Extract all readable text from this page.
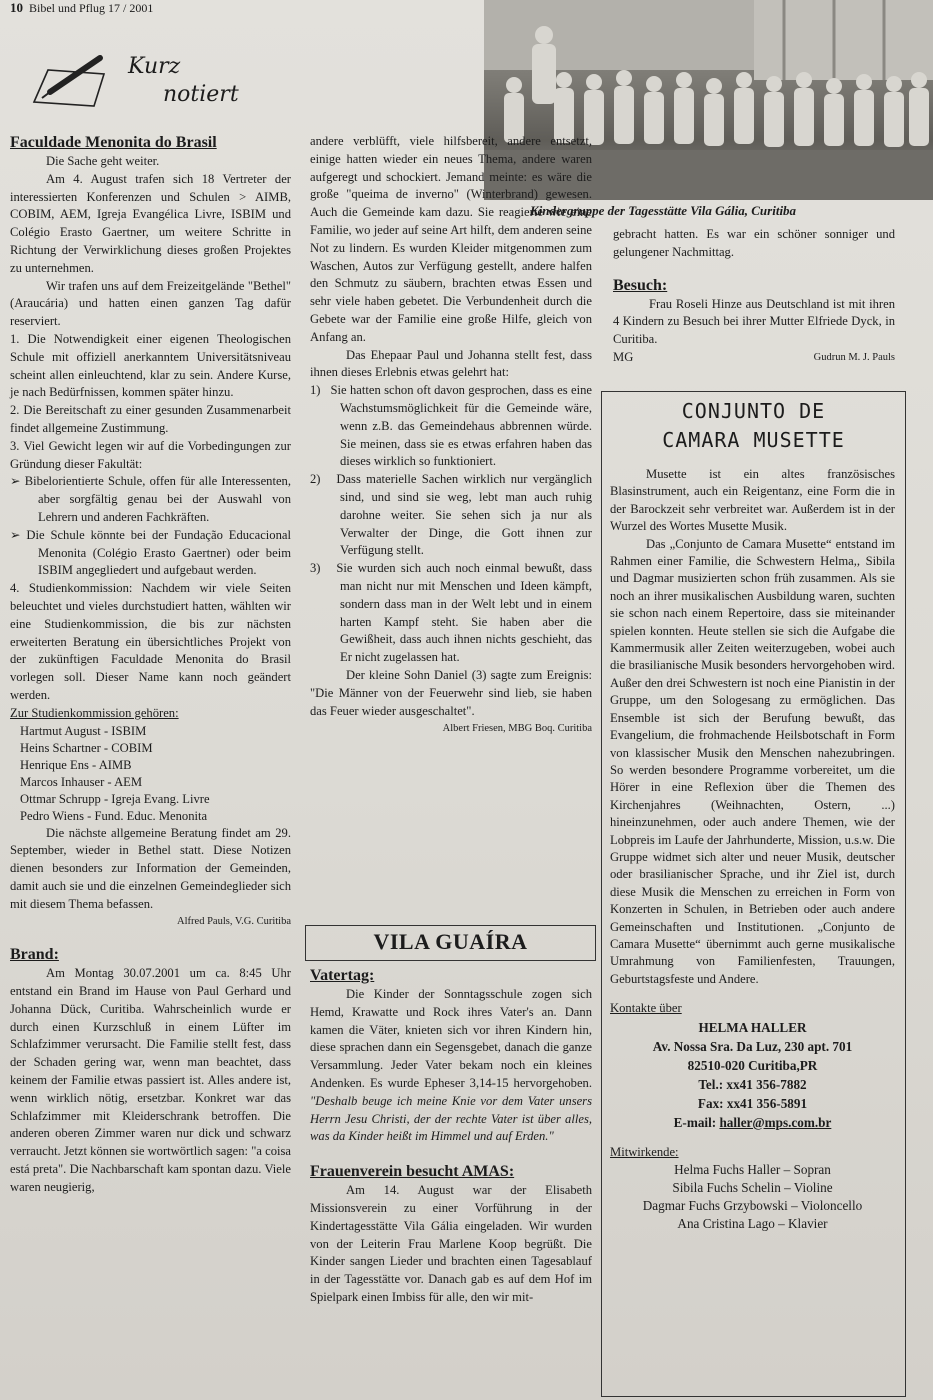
10 Bibel und Pflug 17 / 2001
Kurz
notiert
Kindergruppe der Tagesstätte Vila Gália, Curitiba

Faculdade Menonita do Brasil

Die Sache geht weiter.

Am 4. August trafen sich 18 Vertreter der interessierten Konferenzen und Schulen > AIMB, COBIM, AEM, Igreja Evangélica Livre, ISBIM und Colégio Erasto Gaertner, um weitere Schritte in Richtung der Verwirklichung dieses großen Projektes zu unternehmen.

Wir trafen uns auf dem Freizeitgelände "Bethel" (Araucária) und hatten einen ganzen Tag dafür reserviert.

1. Die Notwendigkeit einer eigenen Theologischen Schule mit offiziell anerkanntem Universitätsniveau scheint allen einleuchtend, klar zu sein. Andere Kurse, je nach Bedürfnissen, kommen später hinzu.

2. Die Bereitschaft zu einer gesunden Zusammenarbeit findet allgemeine Zustimmung.

3. Viel Gewicht legen wir auf die Vorbedingungen zur Gründung dieser Fakultät:

➢ Bibelorientierte Schule, offen für alle Interessenten, aber sorgfältig genau bei der Auswahl von Lehrern und anderen Fachkräften.

➢ Die Schule könnte bei der Fundação Educacional Menonita (Colégio Erasto Gaertner) oder beim ISBIM angegliedert und aufgebaut werden.

4. Studienkommission: Nachdem wir viele Seiten beleuchtet und vieles durchstudiert hatten, wählten wir eine Studienkommission, die bis zur nächsten erweiterten Beratung ein übersichtliches Projekt von der zukünftigen Faculdade Menonita do Brasil vorlegen soll. Dieser Name kann noch geändert werden.

Zur Studienkommission gehören:

Hartmut August - ISBIM

Heins Schartner - COBIM

Henrique Ens - AIMB

Marcos Inhauser - AEM

Ottmar Schrupp - Igreja Evang. Livre

Pedro Wiens - Fund. Educ. Menonita

Die nächste allgemeine Beratung findet am 29. September, wieder in Bethel statt. Diese Notizen dienen besonders zur Information der Gemeinden, damit auch sie und die einzelnen Gemeindeglieder sich mit diesem Thema befassen.

Alfred Pauls, V.G. Curitiba

Brand:

Am Montag 30.07.2001 um ca. 8:45 Uhr entstand ein Brand im Hause von Paul Gerhard und Johanna Dück, Curitiba. Wahrscheinlich wurde er durch einen Kurzschluß in einem Lüfter im Schlafzimmer verursacht. Die Familie stellt fest, dass der Schaden gering war, wenn man beachtet, dass keinem der Familie etwas passiert ist. Alles andere ist, wenn wirklich nötig, ersetzbar. Konkret war das Schlafzimmer mit Kleiderschrank betroffen. Die anderen oberen Zimmer waren nur dick und schwarz verraucht. Jetzt können sie wortwörtlich sagen: "a coisa está preta". Die Nachbarschaft kam spontan dazu. Viele waren neugierig,

andere verblüfft, viele hilfsbereit, andere entsetzt, einige hatten wieder ein neues Thema, andere waren aufgeregt und schockiert. Jemand meinte: es wäre die große "queima de inverno" (Winterbrand) gewesen. Auch die Gemeinde kam dazu. Sie reagierte wie eine Familie, wo jeder auf seine Art hilft, dem anderen seine Not zu lindern. Es wurden Kleider mitgenommen zum Waschen, Autos zur Verfügung gestellt, andere halfen den Schmutz zu säubern, brachten etwas Essen und sehr viele haben gebetet. Die Verbundenheit durch die Gebete war der Familie eine große Hilfe, gleich von Anfang an.

Das Ehepaar Paul und Johanna stellt fest, dass ihnen dieses Erlebnis etwas gelehrt hat:

1) Sie hatten schon oft davon gesprochen, dass es eine Wachstumsmöglichkeit für die Gemeinde wäre, wenn z.B. das Gemeindehaus abbrennen würde. Sie meinen, dass sie es etwas erfahren haben das dieses wirklich so funktioniert.

2) Dass materielle Sachen wirklich nur vergänglich sind, und sind sie weg, lebt man auch ruhig darohne weiter. Sie sehen sich ja nur als Verwalter der Dinge, die Gott ihnen zur Verfügung stellt.

3) Sie wurden sich auch noch einmal bewußt, dass man nicht nur mit Menschen und Ideen kämpft, sondern dass man in der Welt lebt und in einem harten Kampf steht. Sie haben aber die Gewißheit, dass auch ihnen nichts geschieht, das Er nicht zugelassen hat.

Der kleine Sohn Daniel (3) sagte zum Ereignis: "Die Männer von der Feuerwehr sind lieb, sie haben das Feuer wieder ausgeschaltet".

Albert Friesen, MBG Boq. Curitiba

VILA GUAÍRA

Vatertag:

Die Kinder der Sonntagsschule zogen sich Hemd, Krawatte und Rock ihres Vater's an. Dann kamen die Väter, knieten sich vor ihren Kindern hin, diese sprachen dann ein Segensgebet, danach die ganze Versammlung. Jeder Vater bekam noch ein kleines Andenken. Es wurde Epheser 3,14-15 hervorgehoben. "Deshalb beuge ich meine Knie vor dem Vater unsers Herrn Jesu Christi, der der rechte Vater ist über alles, was da Kinder heißt im Himmel und auf Erden."

Frauenverein besucht AMAS:

Am 14. August war der Elisabeth Missionsverein zu einer Vorführung in der Kindertagesstätte Vila Gália eingeladen. Wir wurden von der Leiterin Frau Marlene Koop begrüßt. Die Kinder sangen Lieder und brachten einen Tagesablauf in der Tagesstätte vor. Danach gab es auf dem Hof im Spielpark einen Imbiss für alle, den wir mit-

gebracht hatten. Es war ein schöner sonniger und gelungener Nachmittag.

Besuch:

Frau Roseli Hinze aus Deutschland ist mit ihren 4 Kindern zu Besuch bei ihrer Mutter Elfriede Dyck, in Curitiba.

MG	Gudrun M. J. Pauls

CONJUNTO DE
CAMARA MUSETTE

Musette ist ein altes französisches Blasinstrument, auch ein Reigentanz, eine Form die in der Barockzeit sehr verbreitet war. Außerdem ist in der Wurzel des Wortes Musette Musik.

Das „Conjunto de Camara Musette“ entstand im Rahmen einer Familie, die Schwestern Helma,, Sibila und Dagmar musizierten schon früh zusammen. Als sie noch an ihrer musikalischen Ausbildung waren, suchten sie schon nach einem Repertoire, dass sie miteinander spielen konnten. Heute stellen sie sich die Aufgabe die Kammermusik aller Zeiten weiterzugeben, wobei auch die brasilianische Musik besonders hervorgehoben wird. Außer den drei Schwestern ist noch eine Pianistin in der Gruppe, um den Sologesang zu ermöglichen. Das Ensemble ist sich der Berufung bewußt, das Evangelium, die frohmachende Heilsbotschaft in Form von klassischer Musik den Menschen nahezubringen. So werden besondere Programme vorbereitet, um die Hörer in eine Reflexion über die Themen des Kirchenjahres (Weihnachten, Ostern, ...) hineinzunehmen, oder auch andere Themen, wie der Lobpreis im Laufe der Jahrhunderte, Mission, u.s.w. Die Gruppe widmet sich alter und neuer Musik, deutscher oder brasilianischer Sprache, und ihr Ziel ist, durch diese Musik die Menschen zu erreichen in Form von Konzerten in Schulen, in Betrieben oder auch andere Gemeinschaften und Institutionen. „Conjunto de Camara Musette“ übernimmt auch gerne musikalische Umrahmung von Familienfesten, Trauungen, Geburtstagsfeste und Andere.

Kontakte über

HELMA HALLER

Av. Nossa Sra. Da Luz, 230 apt. 701

82510-020 Curitiba,PR

Tel.: xx41 356-7882

Fax: xx41 356-5891

E-mail: haller@mps.com.br

Mitwirkende:

Helma Fuchs Haller – Sopran

Sibila Fuchs Schelin – Violine

Dagmar Fuchs Grzybowski – Violoncello

Ana Cristina Lago – Klavier
